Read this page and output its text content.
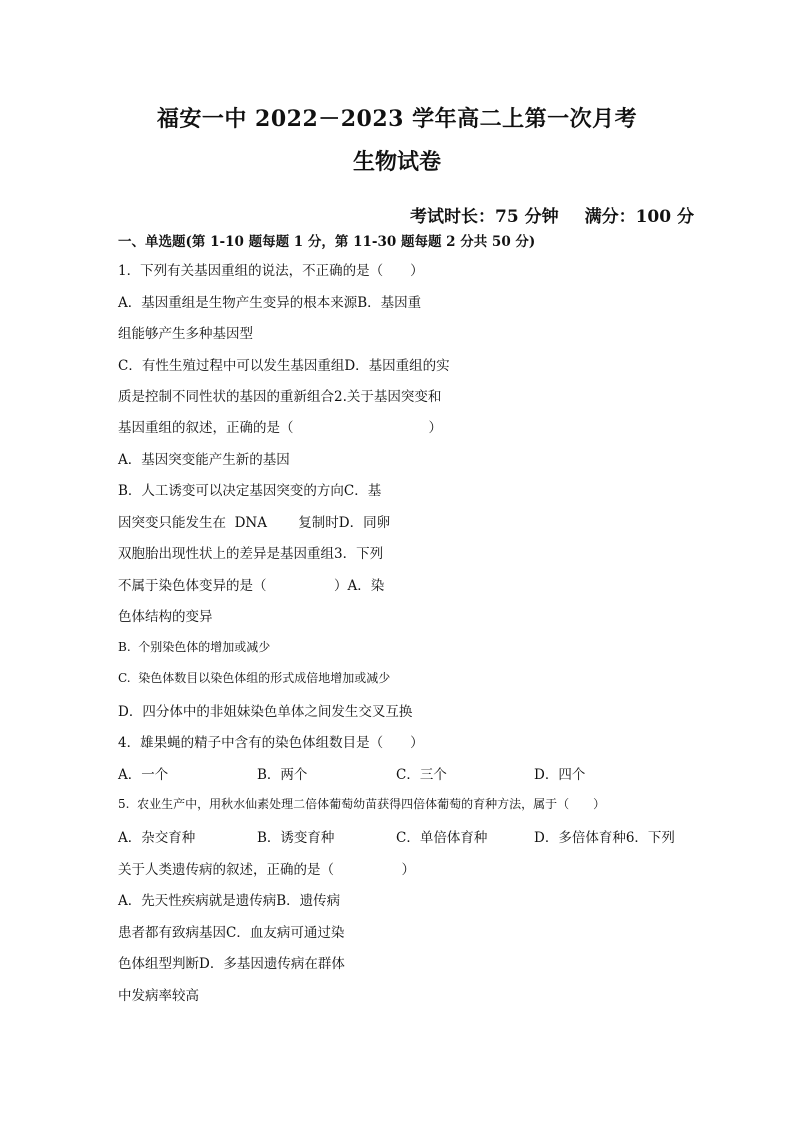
福安一中 2022－2023 学年高二上第一次月考
生物试卷
考试时长：75 分钟 满分：100 分
一、单选题(第 1-10 题每题 1 分，第 11-30 题每题 2 分共 50 分)
1．下列有关基因重组的说法，不正确的是（　　）
A．基因重组是生物产生变异的根本来源B．基因重
组能够产生多种基因型
C．有性生殖过程中可以发生基因重组D．基因重组的实
质是控制不同性状的基因的重新组合2.关于基因突变和
基因重组的叙述，正确的是（　　　　　　　　　　）
A．基因突变能产生新的基因
B．人工诱变可以决定基因突变的方向C．基
因突变只能发生在  DNA　　 复制时D．同卵
双胞胎出现性状上的差异是基因重组3．下列
不属于染色体变异的是（　　　　　）A．染
色体结构的变异
B.  个别染色体的增加或减少
C.  染色体数目以染色体组的形式成倍地增加或减少
D．四分体中的非姐妹染色单体之间发生交叉互换
4．雄果蝇的精子中含有的染色体组数目是（　　）

A．一个

	B．两个

	C．三个

	D．四个

5.  农业生产中，用秋水仙素处理二倍体葡萄幼苗获得四倍体葡萄的育种方法，属于（　　）

A．杂交育种

	B．诱变育种

	C．单倍体育种

	D．多倍体育种6．下列

关于人类遗传病的叙述，正确的是（　　　　　）
A．先天性疾病就是遗传病B．遗传病
患者都有致病基因C．血友病可通过染
色体组型判断D．多基因遗传病在群体
中发病率较高
